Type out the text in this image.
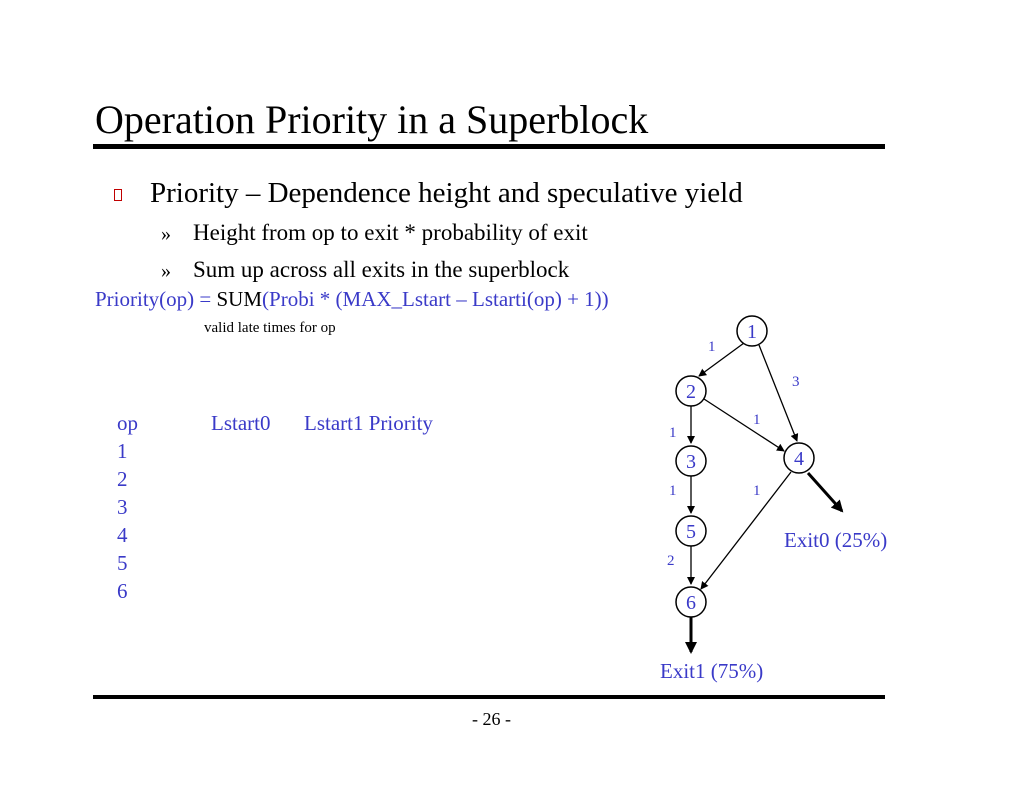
Operation Priority in a Superblock
Priority – Dependence height and speculative yield
» Height from op to exit * probability of exit
» Sum up across all exits in the superblock
Priority(op) = SUM(Probi * (MAX_Lstart – Lstarti(op) + 1))
valid late times for op
op	Lstart0 Lstart1 Priority
1
2
3
4
5
6
1
3
1
1
1	1
2
1
2
3	4
5
6
Exit0 (25%)
Exit1 (75%)
- 26 -
